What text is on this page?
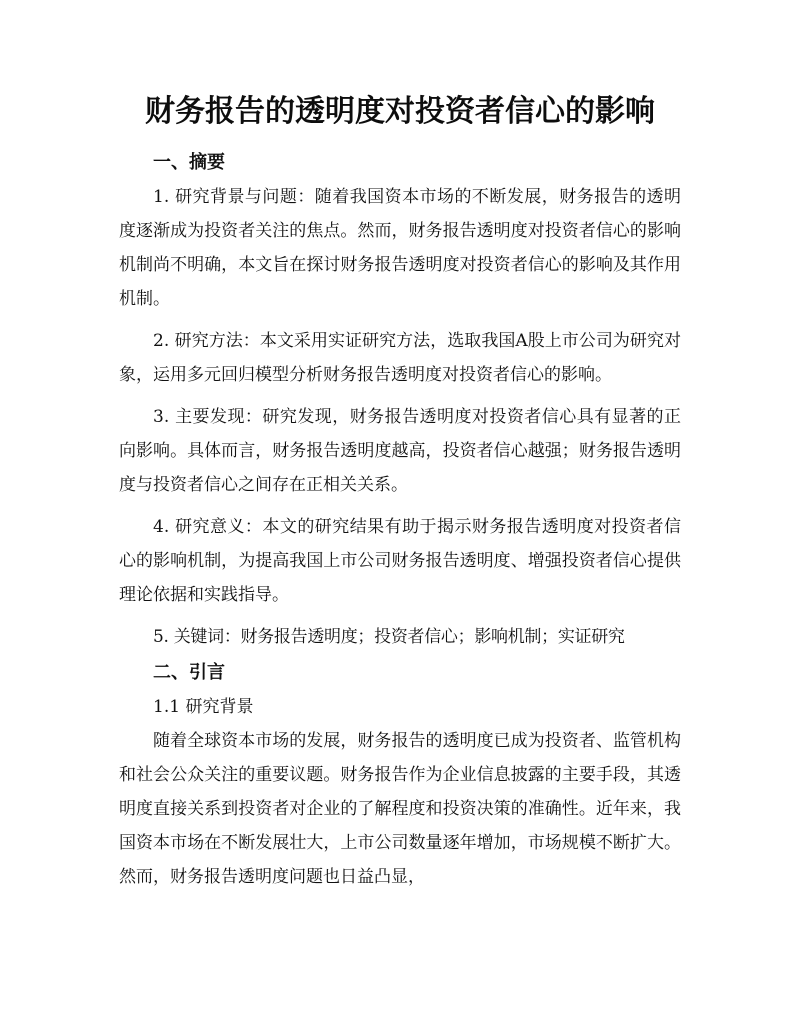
财务报告的透明度对投资者信心的影响
一、摘要

1. 研究背景与问题：随着我国资本市场的不断发展，财务报告的透明度逐渐成为投资者关注的焦点。然而，财务报告透明度对投资者信心的影响机制尚不明确，本文旨在探讨财务报告透明度对投资者信心的影响及其作用机制。

2. 研究方法：本文采用实证研究方法，选取我国A股上市公司为研究对象，运用多元回归模型分析财务报告透明度对投资者信心的影响。

3. 主要发现：研究发现，财务报告透明度对投资者信心具有显著的正向影响。具体而言，财务报告透明度越高，投资者信心越强；财务报告透明度与投资者信心之间存在正相关关系。

4. 研究意义：本文的研究结果有助于揭示财务报告透明度对投资者信心的影响机制，为提高我国上市公司财务报告透明度、增强投资者信心提供理论依据和实践指导。

5. 关键词：财务报告透明度；投资者信心；影响机制；实证研究

二、引言
1.1 研究背景

随着全球资本市场的发展，财务报告的透明度已成为投资者、监管机构和社会公众关注的重要议题。财务报告作为企业信息披露的主要手段，其透明度直接关系到投资者对企业的了解程度和投资决策的准确性。近年来，我国资本市场在不断发展壮大，上市公司数量逐年增加，市场规模不断扩大。然而，财务报告透明度问题也日益凸显，
